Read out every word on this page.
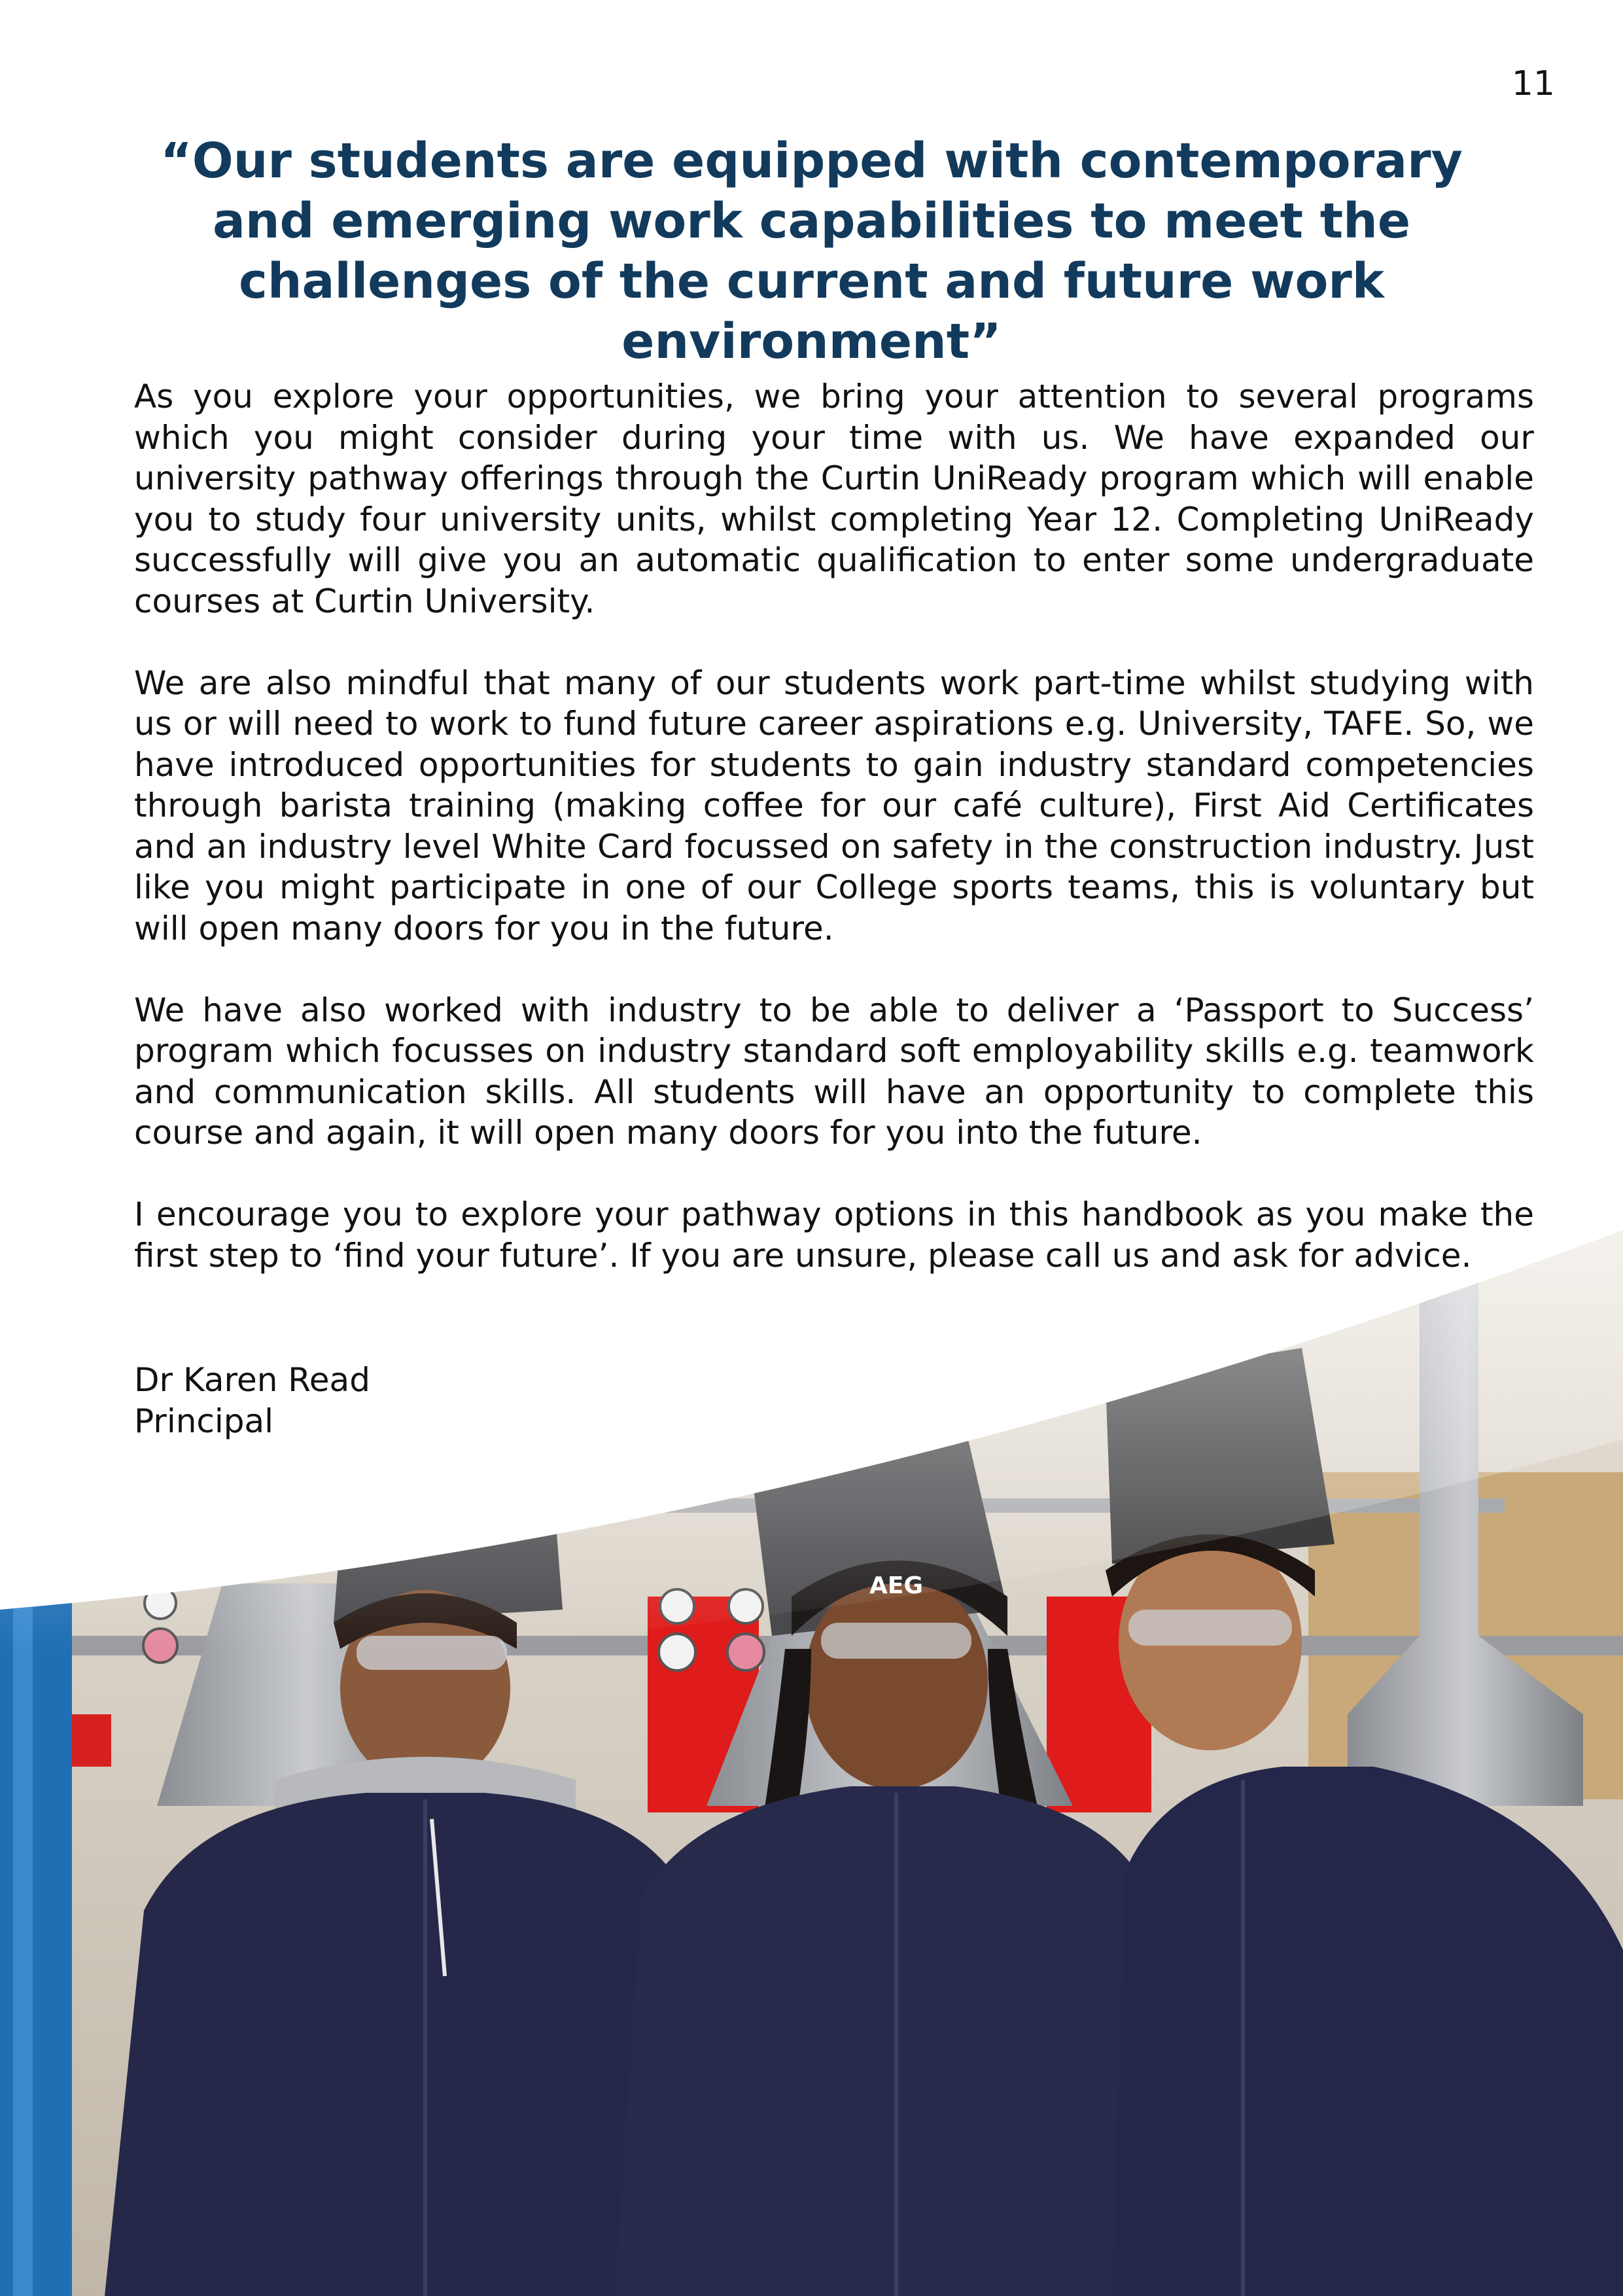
11
“Our students are equipped with contemporary and emerging work capabilities to meet the challenges of the current and future work environment”

As you explore your opportunities, we bring your attention to several programs which you might consider during your time with us. We have expanded our university pathway offerings through the Curtin UniReady program which will enable you to study four university units, whilst completing Year 12. Completing UniReady successfully will give you an automatic qualification to enter some undergraduate courses at Curtin University.

We are also mindful that many of our students work part-time whilst studying with us or will need to work to fund future career aspirations e.g. University, TAFE. So, we have introduced opportunities for students to gain industry standard competencies through barista training (making coffee for our café culture), First Aid Certificates and an industry level White Card focussed on safety in the construction industry. Just like you might participate in one of our College sports teams, this is voluntary but will open many doors for you in the future.

We have also worked with industry to be able to deliver a ‘Passport to Success’ program which focusses on industry standard soft employability skills e.g. teamwork and communication skills. All students will have an opportunity to complete this course and again, it will open many doors for you into the future.

I encourage you to explore your pathway options in this handbook as you make the first step to ‘find your future’. If you are unsure, please call us and ask for advice.

Dr Karen Read
Principal
